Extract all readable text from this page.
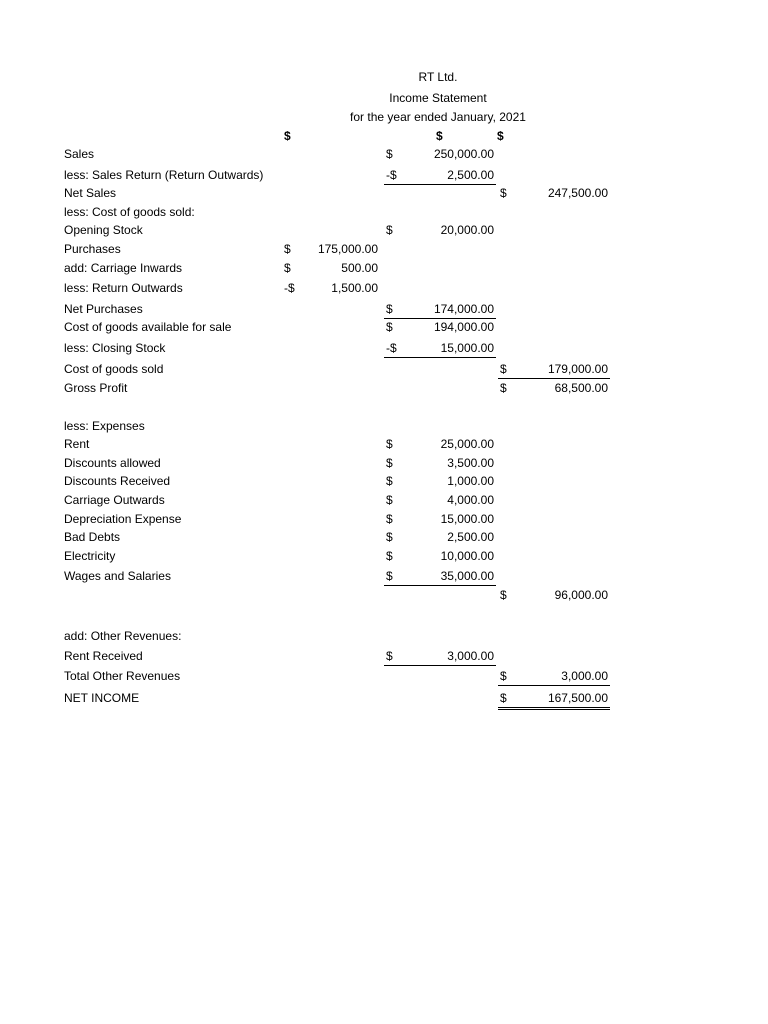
RT Ltd.
Income Statement
for the year ended January, 2021
$	$	$
Sales	$	250,000.00
less: Sales Return (Return Outwards)	-$	2,500.00
Net Sales	$	247,500.00
less: Cost of goods sold:
Opening Stock	$	20,000.00
Purchases	$ 175,000.00
add: Carriage Inwards	$	500.00
less: Return Outwards	-$	1,500.00
Net Purchases	$	174,000.00
Cost of goods available for sale	$	194,000.00
less: Closing Stock	-$	15,000.00
Cost of goods sold	$	179,000.00
Gross Profit	$	68,500.00
less: Expenses
Rent	$	25,000.00
Discounts allowed	$	3,500.00
Discounts Received	$	1,000.00
Carriage Outwards	$	4,000.00
Depreciation Expense	$	15,000.00
Bad Debts	$	2,500.00
Electricity	$	10,000.00
Wages and Salaries	$	35,000.00
$	96,000.00
add: Other Revenues:
Rent Received	$	3,000.00
Total Other Revenues	$	3,000.00
NET INCOME	$	167,500.00
